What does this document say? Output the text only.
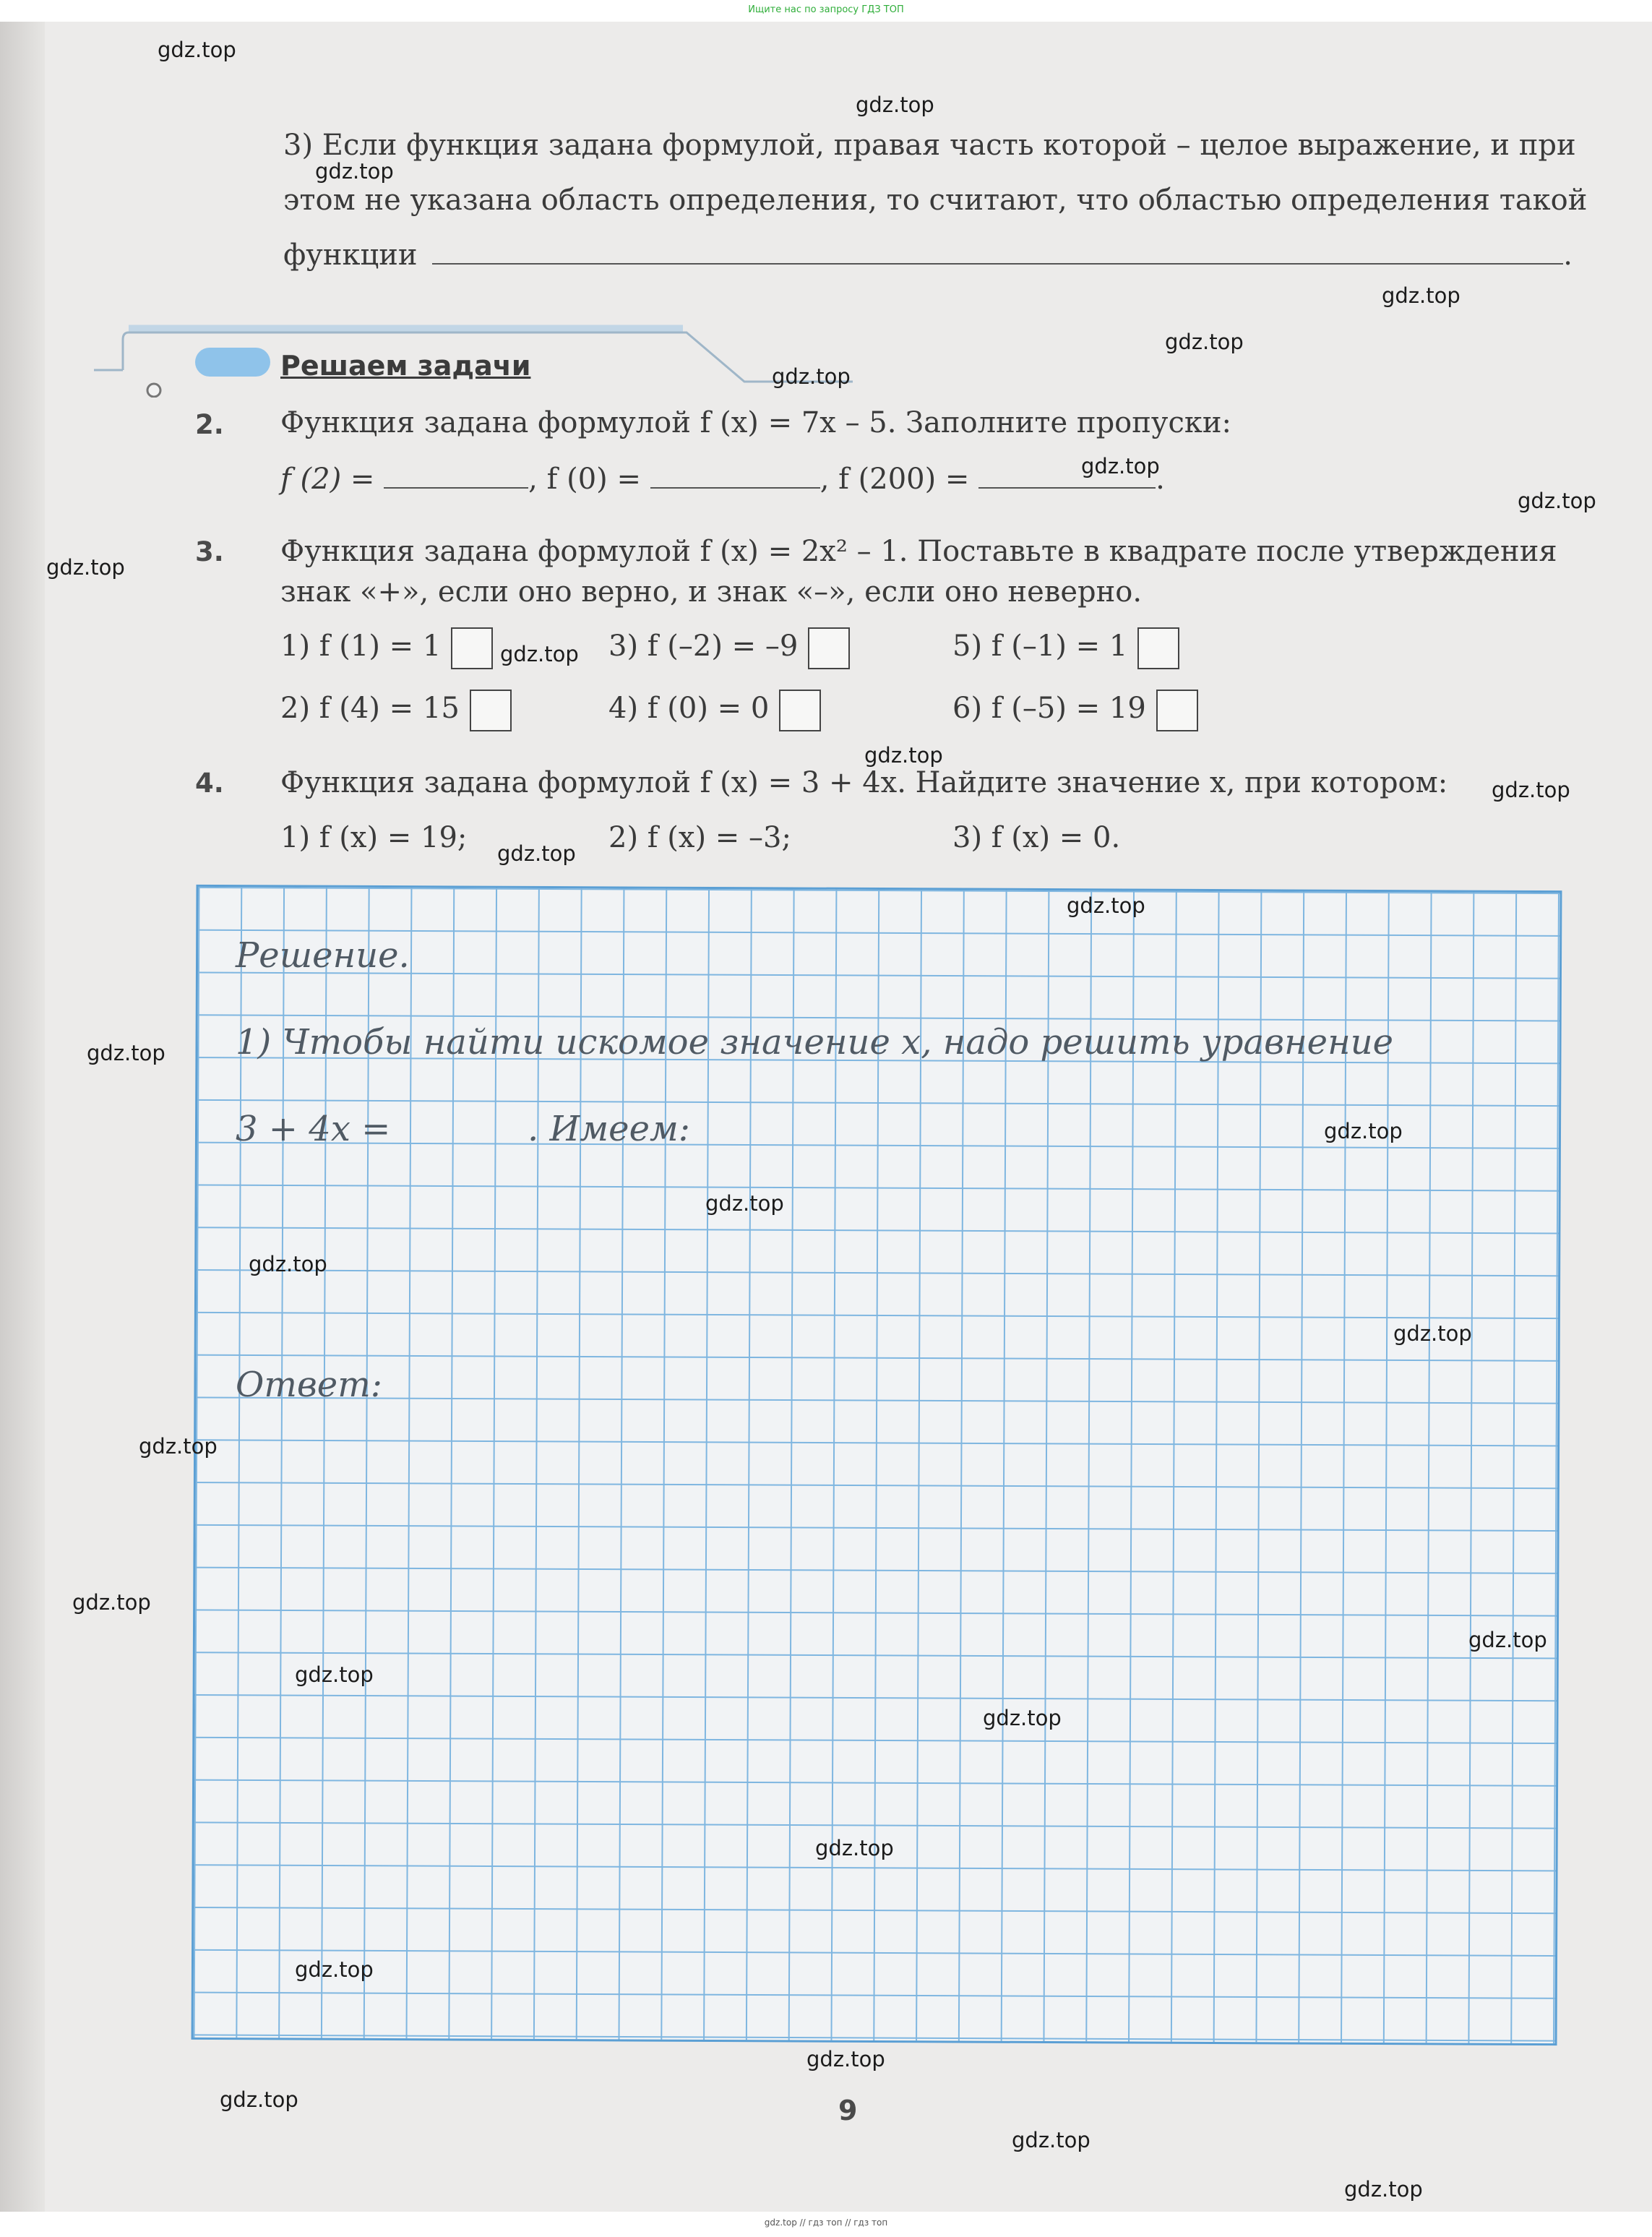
Ищите нас по запросу ГДЗ ТОП
3) Если функция задана формулой, правая часть которой – целое выражение, и при
этом не указана область определения, то считают, что областью определения такой
функции	.
Решаем задачи
2. Функция задана формулой f (x) = 7x – 5. Заполните пропуски:
f (2) =	, f (0) =	, f (200) =	.
3. Функция задана формулой f (x) = 2x² – 1. Поставьте в квадрате после утверждения
знак «+», если оно верно, и знак «–», если оно неверно.
1) f (1) = 1	3) f (–2) = –9	5) f (–1) = 1
2) f (4) = 15	4) f (0) = 0	6) f (–5) = 19
4. Функция задана формулой f (x) = 3 + 4x. Найдите значение x, при котором:
1) f (x) = 19;	2) f (x) = –3;	3) f (x) = 0.
Решение.
1) Чтобы найти искомое значение x, надо решить уравнение
3 + 4x =	. Имеем:
Ответ:
9
gdz.top
gdz.top
gdz.top
gdz.top
gdz.top
gdz.top
gdz.top
gdz.top
gdz.top
gdz.top
gdz.top
gdz.top
gdz.top
gdz.top
gdz.top
gdz.top
gdz.top
gdz.top
gdz.top
gdz.top
gdz.top
gdz.top
gdz.top
gdz.top
gdz.top
gdz.top
gdz.top
gdz.top
gdz.top
gdz.top
gdz.top // гдз топ // гдз топ
